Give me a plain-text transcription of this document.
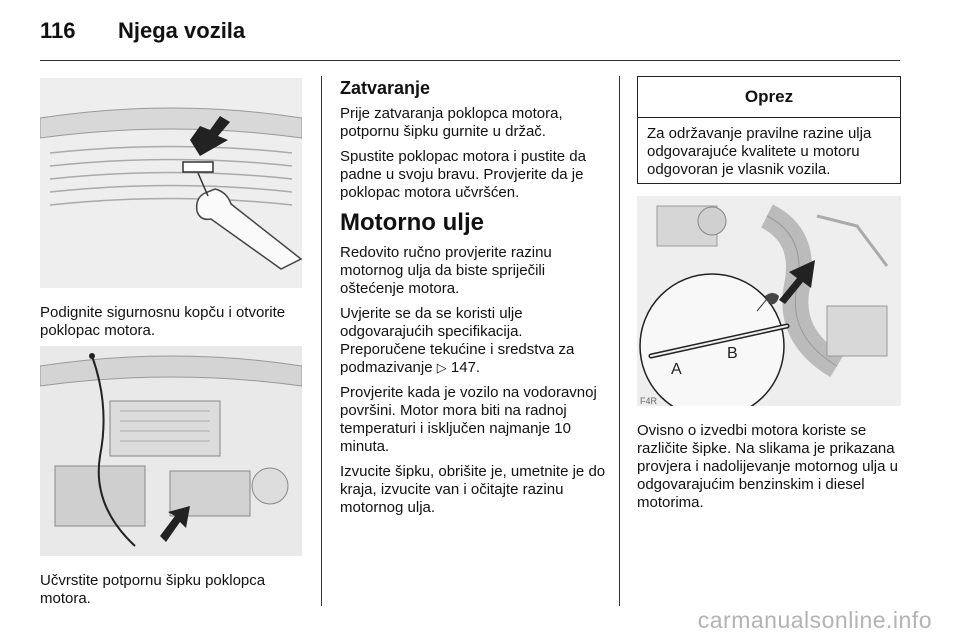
116	Njega vozila

Podignite sigurnosnu kopču i otvorite poklopac motora.

Učvrstite potpornu šipku poklopca motora.

Zatvaranje

Prije zatvaranja poklopca motora, potpornu šipku gurnite u držač.

Spustite poklopac motora i pustite da padne u svoju bravu. Provjerite da je poklopac motora učvršćen.

Motorno ulje

Redovito ručno provjerite razinu motornog ulja da biste spriječili oštećenje motora.

Uvjerite se da se koristi ulje
odgovarajućih specifikacija.
Preporučene tekućine i sredstva za podmazivanje ▷ 147.

Provjerite kada je vozilo na vodoravnoj površini. Motor mora biti na radnoj temperaturi i isključen najmanje 10 minuta.

Izvucite šipku, obrišite je, umetnite je do kraja, izvucite van i očitajte razinu motornog ulja.

Oprez
Za održavanje pravilne razine ulja odgovarajuće kvalitete u motoru odgovoran je vlasnik vozila.
A
B
F4R

Ovisno o izvedbi motora koriste se različite šipke. Na slikama je prikazana provjera i nadolijevanje motornog ulja u odgovarajućim benzinskim i diesel motorima.

carmanualsonline.info
